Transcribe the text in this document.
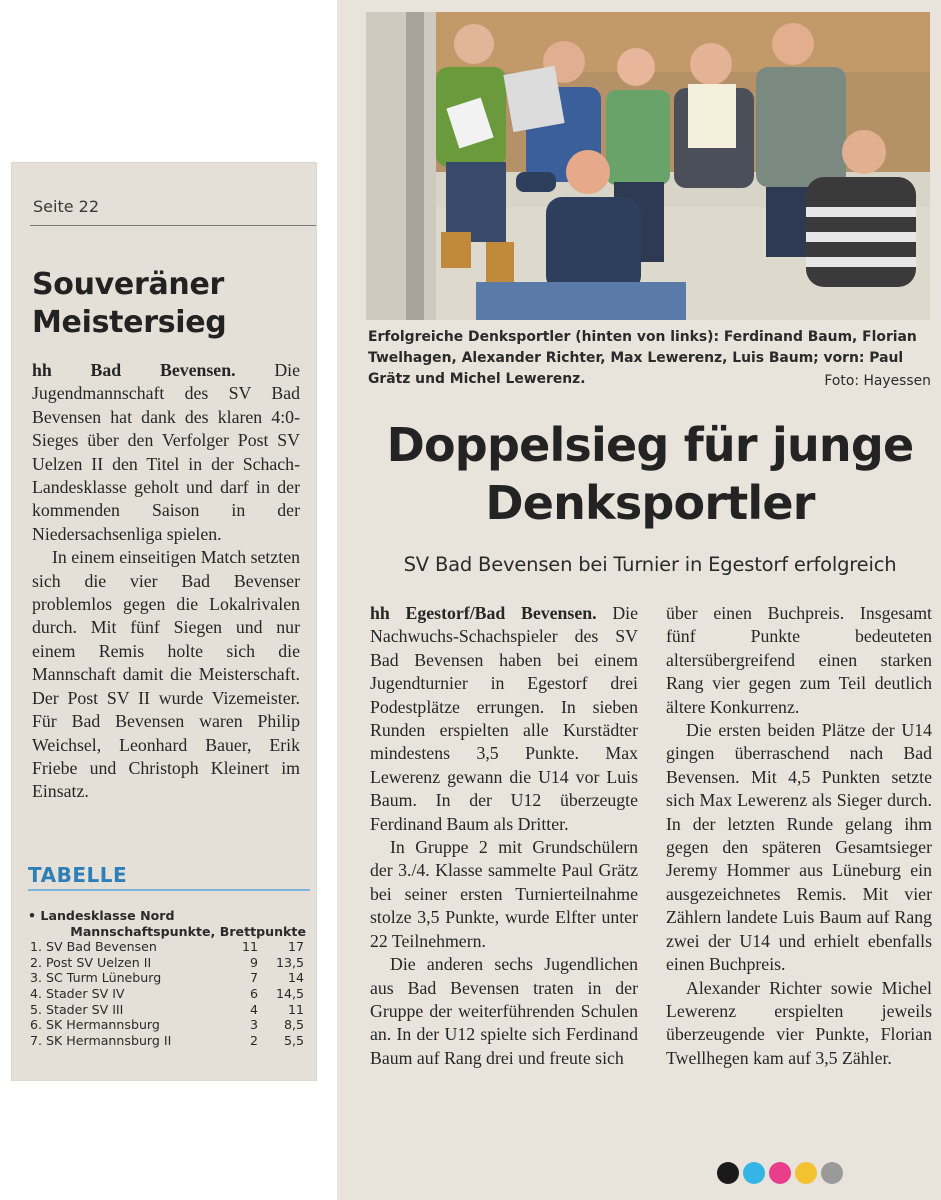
Seite 22
Souveräner Meistersieg

hh Bad Bevensen. Die Jugendmannschaft des SV Bad Bevensen hat dank des klaren 4:0-Sieges über den Verfolger Post SV Uelzen II den Titel in der Schach-Landesklasse geholt und darf in der kommenden Saison in der Niedersachsenliga spielen.

In einem einseitigen Match setzten sich die vier Bad Bevenser problemlos gegen die Lokalrivalen durch. Mit fünf Siegen und nur einem Remis holte sich die Mannschaft damit die Meisterschaft. Der Post SV II wurde Vizemeister. Für Bad Bevensen waren Philip Weichsel, Leonhard Bauer, Erik Friebe und Christoph Kleinert im Einsatz.

TABELLE
• Landesklasse Nord
Mannschaftspunkte, Brettpunkte
1. SV Bad Bevensen	11	17
2. Post SV Uelzen II	9	13,5
3. SC Turm Lüneburg	7	14
4. Stader SV IV	6	14,5
5. Stader SV III	4	11
6. SK Hermannsburg	3	8,5
7. SK Hermannsburg II	2	5,5
Erfolgreiche Denksportler (hinten von links): Ferdinand Baum, Florian Twelhagen, Alexander Richter, Max Lewerenz, Luis Baum; vorn: Paul Grätz und Michel Lewerenz.	Foto: Hayessen
Doppelsieg für junge Denksportler
SV Bad Bevensen bei Turnier in Egestorf erfolgreich

hh Egestorf/Bad Bevensen. Die Nachwuchs-Schachspieler des SV Bad Bevensen haben bei einem Jugendturnier in Egestorf drei Podestplätze errungen. In sieben Runden erspielten alle Kurstädter mindestens 3,5 Punkte. Max Lewerenz gewann die U14 vor Luis Baum. In der U12 überzeugte Ferdinand Baum als Dritter.

In Gruppe 2 mit Grundschülern der 3./4. Klasse sammelte Paul Grätz bei seiner ersten Turnierteilnahme stolze 3,5 Punkte, wurde Elfter unter 22 Teilnehmern.

Die anderen sechs Jugendlichen aus Bad Bevensen traten in der Gruppe der weiterführenden Schulen an. In der U12 spielte sich Ferdinand Baum auf Rang drei und freute sich

über einen Buchpreis. Insgesamt fünf Punkte bedeuteten altersübergreifend einen starken Rang vier gegen zum Teil deutlich ältere Konkurrenz.

Die ersten beiden Plätze der U14 gingen überraschend nach Bad Bevensen. Mit 4,5 Punkten setzte sich Max Lewerenz als Sieger durch. In der letzten Runde gelang ihm gegen den späteren Gesamtsieger Jeremy Hommer aus Lüneburg ein ausgezeichnetes Remis. Mit vier Zählern landete Luis Baum auf Rang zwei der U14 und erhielt ebenfalls einen Buchpreis.

Alexander Richter sowie Michel Lewerenz erspielten jeweils überzeugende vier Punkte, Florian Twellhegen kam auf 3,5 Zähler.
